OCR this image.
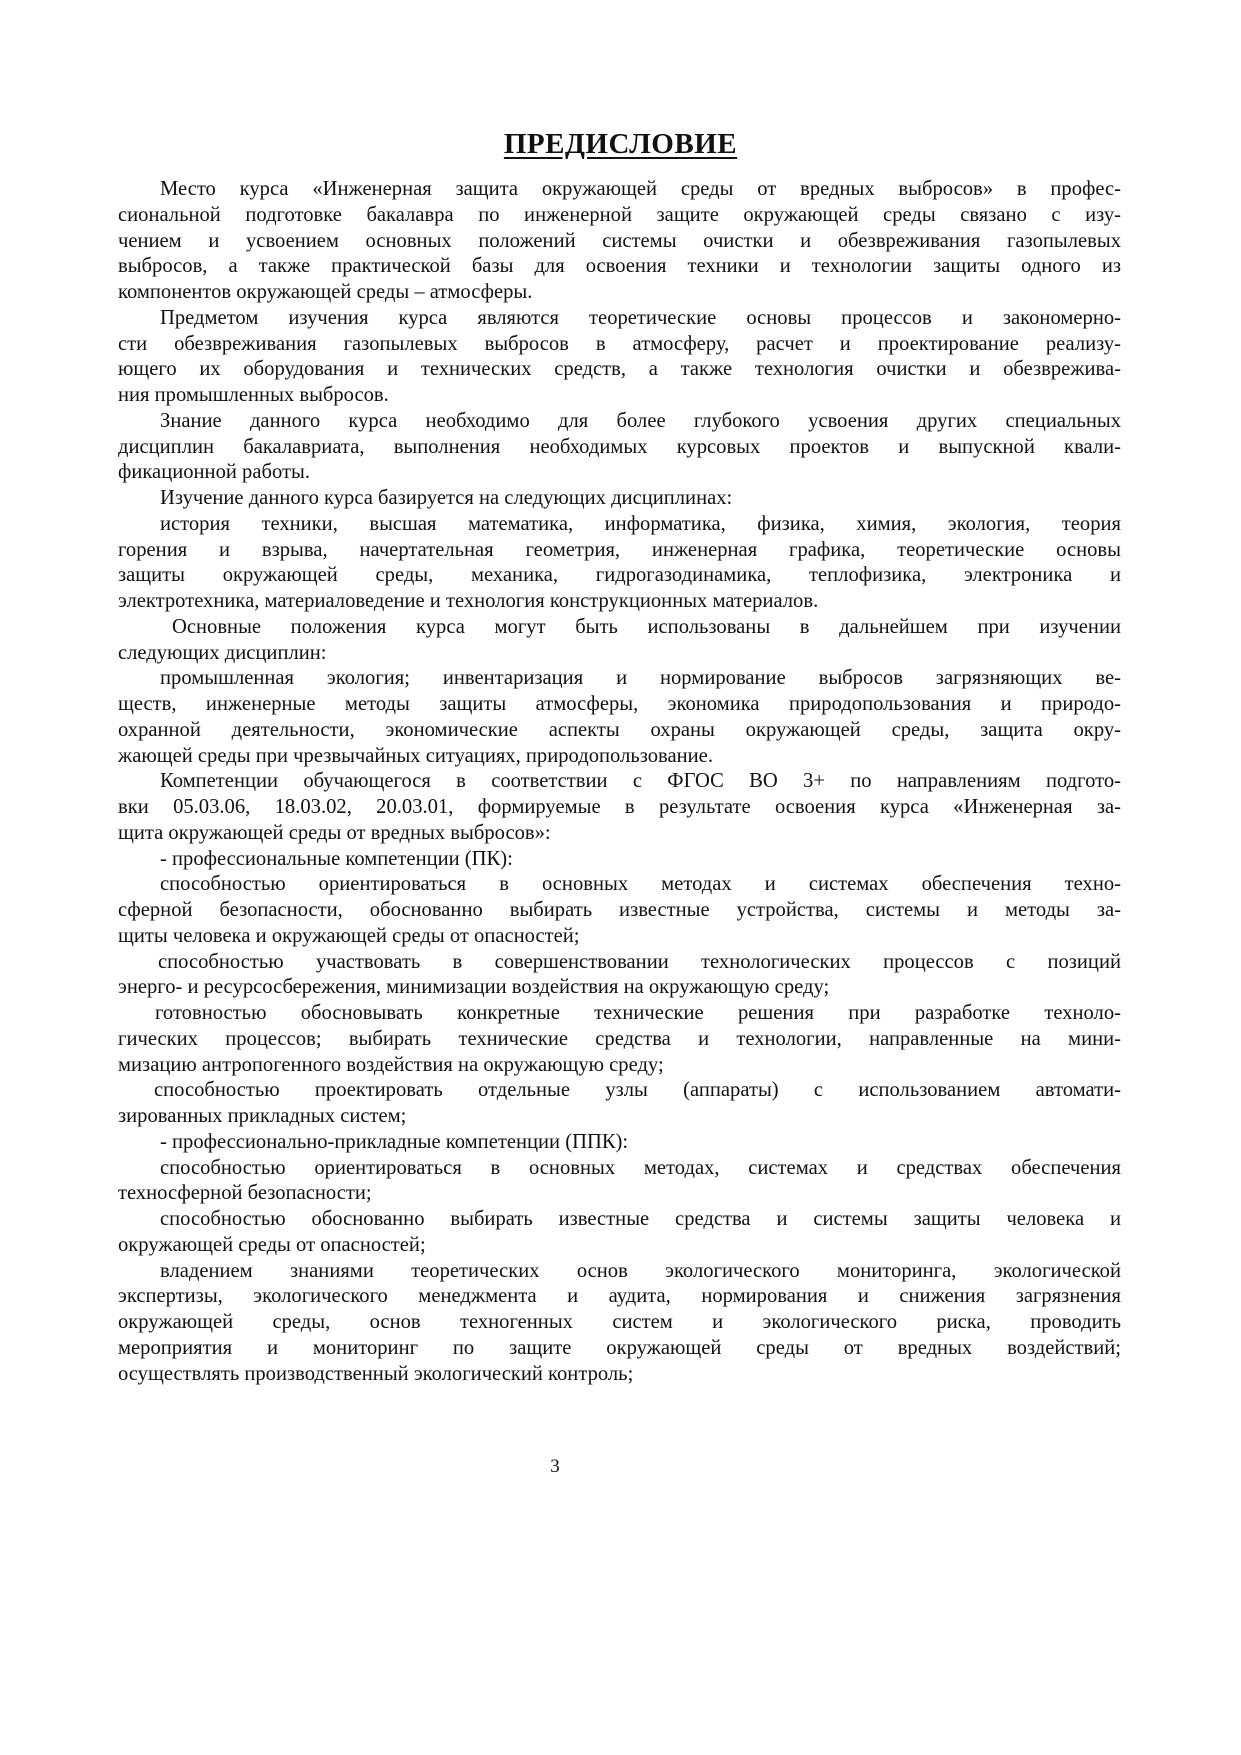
ПРЕДИСЛОВИЕ
Место курса «Инженерная защита окружающей среды от вредных выбросов» в профес-
сиональной подготовке бакалавра по инженерной защите окружающей среды связано с изу-
чением и усвоением основных положений системы очистки и обезвреживания газопылевых
выбросов, а также практической базы для освоения техники и технологии защиты одного из
компонентов окружающей среды – атмосферы.
Предметом изучения курса являются теоретические основы процессов и закономерно-
сти обезвреживания газопылевых выбросов в атмосферу, расчет и проектирование реализу-
ющего их оборудования и технических средств, а также технология очистки и обезврежива-
ния промышленных выбросов.
Знание данного курса необходимо для более глубокого усвоения других специальных
дисциплин бакалавриата, выполнения необходимых курсовых проектов и выпускной квали-
фикационной работы.
Изучение данного курса базируется на следующих дисциплинах:
история техники, высшая математика, информатика, физика, химия, экология, теория
горения и взрыва, начертательная геометрия, инженерная графика, теоретические основы
защиты окружающей среды, механика, гидрогазодинамика, теплофизика, электроника и
электротехника, материаловедение и технология конструкционных материалов.
Основные положения курса могут быть использованы в дальнейшем при изучении
следующих дисциплин:
промышленная экология; инвентаризация и нормирование выбросов загрязняющих ве-
ществ, инженерные методы защиты атмосферы, экономика природопользования и природо-
охранной деятельности, экономические аспекты охраны окружающей среды, защита окру-
жающей среды при чрезвычайных ситуациях, природопользование.
Компетенции обучающегося в соответствии с ФГОС ВО 3+ по направлениям подгото-
вки 05.03.06, 18.03.02, 20.03.01, формируемые в результате освоения курса «Инженерная за-
щита окружающей среды от вредных выбросов»:
- профессиональные компетенции (ПК):
способностью ориентироваться в основных методах и системах обеспечения техно-
сферной безопасности, обоснованно выбирать известные устройства, системы и методы за-
щиты человека и окружающей среды от опасностей;
способностью участвовать в совершенствовании технологических процессов с позиций
энерго- и ресурсосбережения, минимизации воздействия на окружающую среду;
готовностью обосновывать конкретные технические решения при разработке техноло-
гических процессов; выбирать технические средства и технологии, направленные на мини-
мизацию антропогенного воздействия на окружающую среду;
способностью проектировать отдельные узлы (аппараты) с использованием автомати-
зированных прикладных систем;
- профессионально-прикладные компетенции (ППК):
способностью ориентироваться в основных методах, системах и средствах обеспечения
техносферной безопасности;
способностью обоснованно выбирать известные средства и системы защиты человека и
окружающей среды от опасностей;
владением знаниями теоретических основ экологического мониторинга, экологической
экспертизы, экологического менеджмента и аудита, нормирования и снижения загрязнения
окружающей среды, основ техногенных систем и экологического риска, проводить
мероприятия и мониторинг по защите окружающей среды от вредных воздействий;
осуществлять производственный экологический контроль;
3
